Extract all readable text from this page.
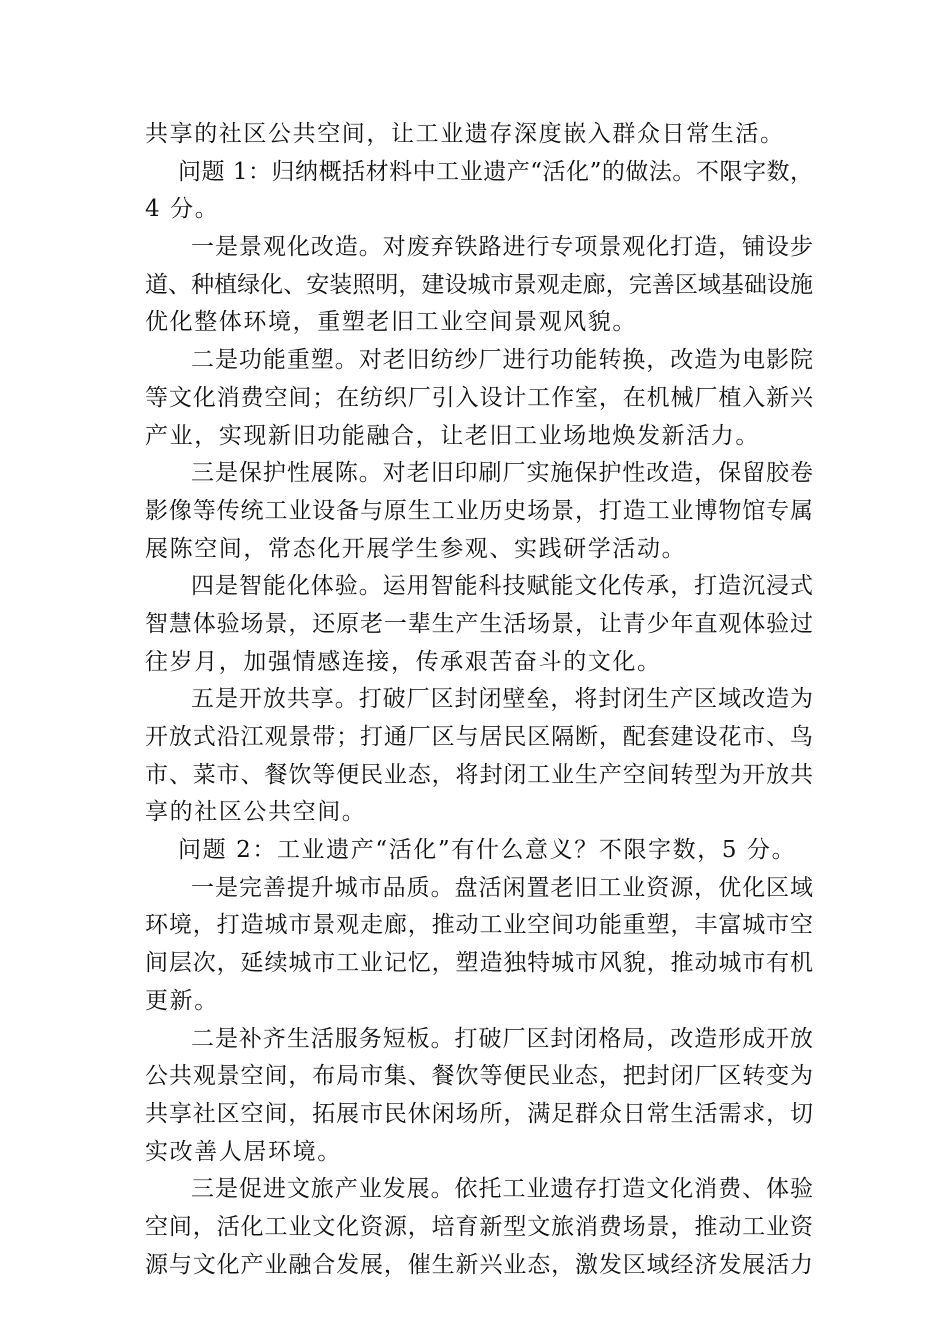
共享的社区公共空间，让工业遗存深度嵌入群众日常生活。
问题 1：归纳概括材料中工业遗产“活化”的做法。不限字数，
4 分。
一是景观化改造。对废弃铁路进行专项景观化打造，铺设步
道、种植绿化、安装照明，建设城市景观走廊，完善区域基础设施
优化整体环境，重塑老旧工业空间景观风貌。
二是功能重塑。对老旧纺纱厂进行功能转换，改造为电影院
等文化消费空间；在纺织厂引入设计工作室，在机械厂植入新兴
产业，实现新旧功能融合，让老旧工业场地焕发新活力。
三是保护性展陈。对老旧印刷厂实施保护性改造，保留胶卷
影像等传统工业设备与原生工业历史场景，打造工业博物馆专属
展陈空间，常态化开展学生参观、实践研学活动。
四是智能化体验。运用智能科技赋能文化传承，打造沉浸式
智慧体验场景，还原老一辈生产生活场景，让青少年直观体验过
往岁月，加强情感连接，传承艰苦奋斗的文化。
五是开放共享。打破厂区封闭壁垒，将封闭生产区域改造为
开放式沿江观景带；打通厂区与居民区隔断，配套建设花市、鸟
市、菜市、餐饮等便民业态，将封闭工业生产空间转型为开放共
享的社区公共空间。
问题 2：工业遗产“活化”有什么意义？不限字数，5 分。
一是完善提升城市品质。盘活闲置老旧工业资源，优化区域
环境，打造城市景观走廊，推动工业空间功能重塑，丰富城市空
间层次，延续城市工业记忆，塑造独特城市风貌，推动城市有机
更新。
二是补齐生活服务短板。打破厂区封闭格局，改造形成开放
公共观景空间，布局市集、餐饮等便民业态，把封闭厂区转变为
共享社区空间，拓展市民休闲场所，满足群众日常生活需求，切
实改善人居环境。
三是促进文旅产业发展。依托工业遗存打造文化消费、体验
空间，活化工业文化资源，培育新型文旅消费场景，推动工业资
源与文化产业融合发展，催生新兴业态，激发区域经济发展活力
